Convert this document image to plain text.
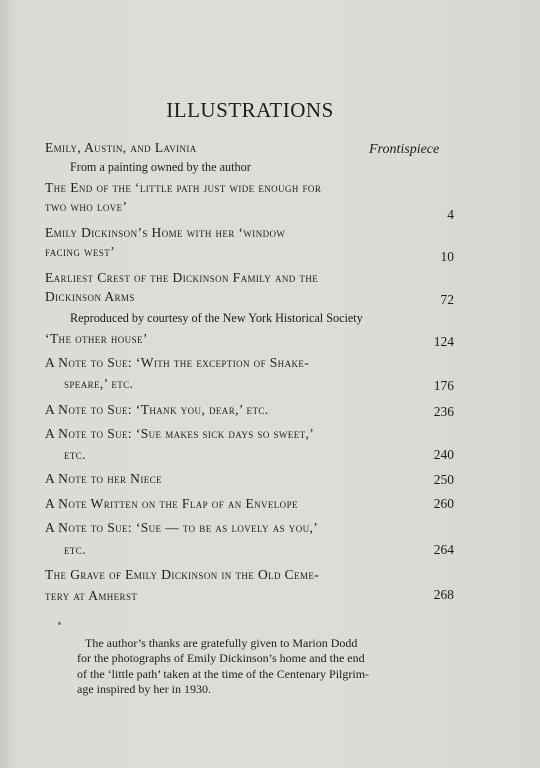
ILLUSTRATIONS
Frontispiece
Emily, Austin, and Lavinia
The End of the ‘little path just wide enough for
two who love’
Emily Dickinson’s Home with her ‘window
facing west’
Earliest Crest of the Dickinson Family and the
Dickinson Arms
‘The other house’
A Note to Sue: ‘With the exception of Shake-
speare,’ etc.
A Note to Sue: ‘Thank you, dear,’ etc.
A Note to Sue: ‘Sue makes sick days so sweet,’
etc.
A Note to her Niece
A Note Written on the Flap of an Envelope
A Note to Sue: ‘Sue — to be as lovely as you,’
etc.
The Grave of Emily Dickinson in the Old Ceme-
tery at Amherst
From a painting owned by the author
Reproduced by courtesy of the New York Historical Society
4
10
72
124
176
236
240
250
260
264
268
The author’s thanks are gratefully given to Marion Dodd
for the photographs of Emily Dickinson’s home and the end
of the ‘little path’ taken at the time of the Centenary Pilgrim-
age inspired by her in 1930.
